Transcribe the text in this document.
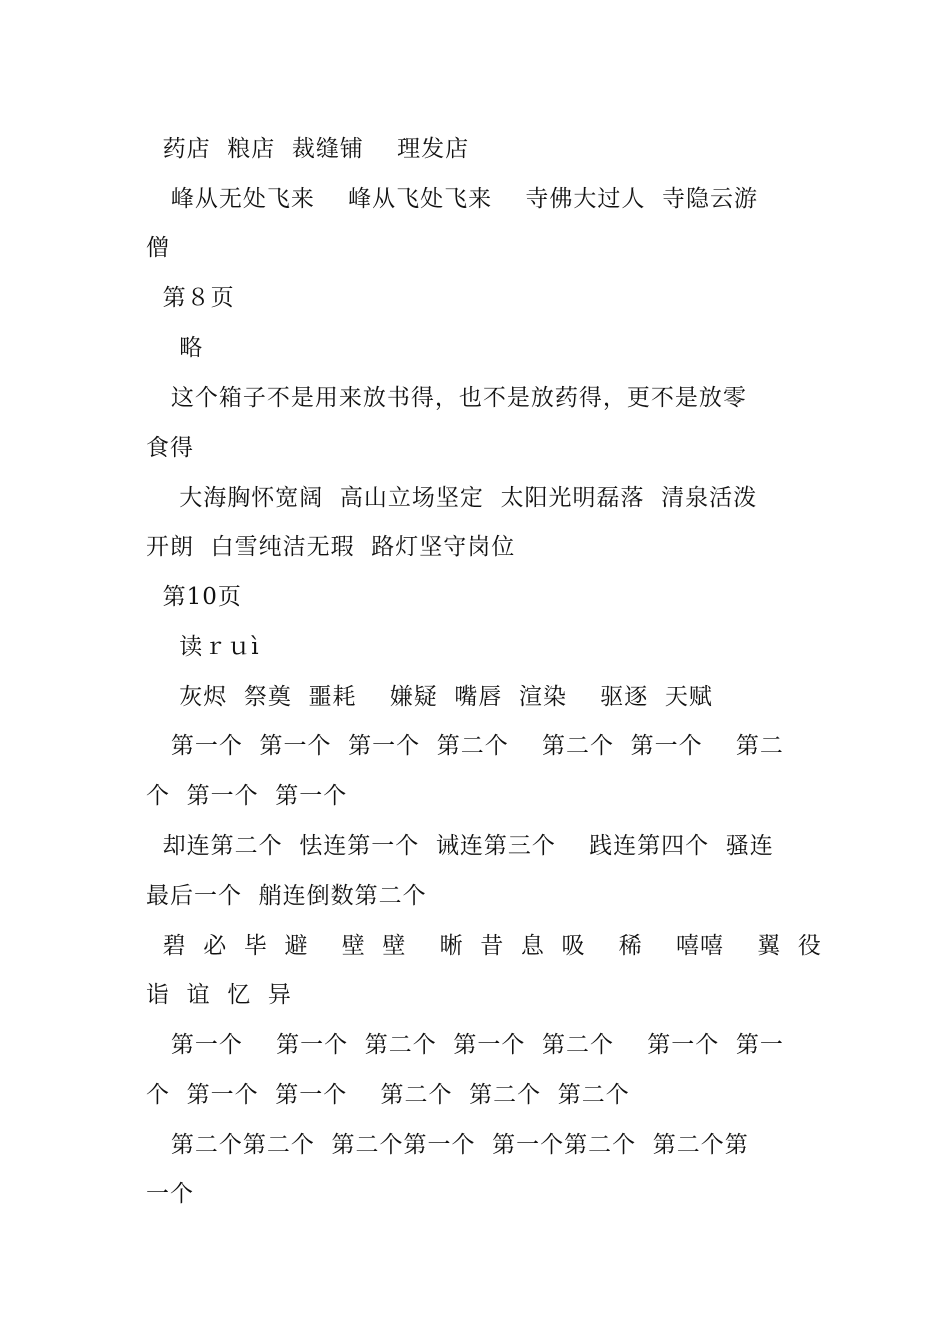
药店  粮店  裁缝铺    理发店
峰从无处飞来    峰从飞处飞来    寺佛大过人  寺隐云游
僧
第８页
略
这个箱子不是用来放书得，也不是放药得，更不是放零
食得
大海胸怀宽阔  高山立场坚定  太阳光明磊落  清泉活泼
开朗  白雪纯洁无瑕  路灯坚守岗位
第10页
读ｒｕì
灰烬  祭奠  噩耗    嫌疑  嘴唇  渲染    驱逐  天赋
第一个  第一个  第一个  第二个    第二个  第一个    第二
个  第一个  第一个
却连第二个  怯连第一个  诫连第三个    践连第四个  骚连
最后一个  艄连倒数第二个
碧  必  毕  避    壁  壁    晰  昔  息  吸    稀    嘻嘻    翼  役
诣  谊  忆  异
第一个    第一个  第二个  第一个  第二个    第一个  第一
个  第一个  第一个    第二个  第二个  第二个
第二个第二个  第二个第一个  第一个第二个  第二个第
一个
